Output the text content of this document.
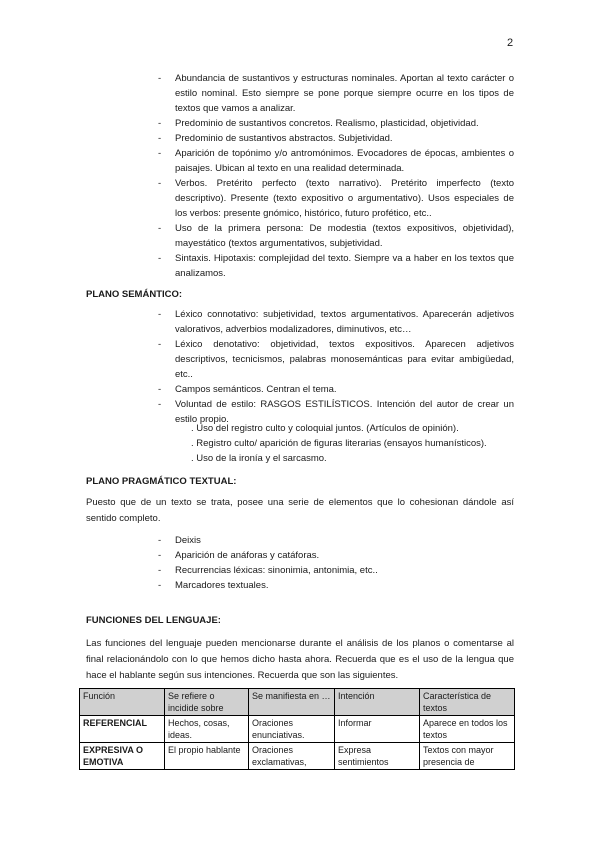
2
- Abundancia de sustantivos y estructuras nominales. Aportan al texto carácter o estilo nominal. Esto siempre se pone porque siempre ocurre en los tipos de textos que vamos a analizar.
- Predominio de sustantivos concretos. Realismo, plasticidad, objetividad.
- Predominio de sustantivos abstractos. Subjetividad.
- Aparición de topónimo y/o antromónimos. Evocadores de épocas, ambientes o paisajes. Ubican al texto en una realidad determinada.
- Verbos. Pretérito perfecto (texto narrativo). Pretérito imperfecto (texto descriptivo). Presente (texto expositivo o argumentativo). Usos especiales de los verbos: presente gnómico, histórico, futuro profético, etc..
- Uso de la primera persona: De modestia (textos expositivos, objetividad), mayestático (textos argumentativos, subjetividad.
- Sintaxis. Hipotaxis: complejidad del texto. Siempre va a haber en los textos que analizamos.
PLANO SEMÁNTICO:
- Léxico connotativo: subjetividad, textos argumentativos. Aparecerán adjetivos valorativos, adverbios modalizadores, diminutivos, etc…
- Léxico denotativo: objetividad, textos expositivos. Aparecen adjetivos descriptivos, tecnicismos, palabras monosemánticas para evitar ambigüedad, etc..
- Campos semánticos. Centran el tema.
- Voluntad de estilo: RASGOS ESTILÍSTICOS. Intención del autor de crear un estilo propio.
. Uso del registro culto y coloquial juntos. (Artículos de opinión).
. Registro culto/ aparición de figuras literarias (ensayos humanísticos).
. Uso de la ironía y el sarcasmo.
PLANO PRAGMÁTICO TEXTUAL:
Puesto que de un texto se trata, posee una serie de elementos que lo cohesionan dándole así sentido completo.
- Deixis
- Aparición de anáforas y catáforas.
- Recurrencias léxicas: sinonimia, antonimia, etc..
- Marcadores textuales.
FUNCIONES DEL LENGUAJE:
Las funciones del lenguaje pueden mencionarse durante el análisis de los planos o comentarse al final relacionándolo con lo que hemos dicho hasta ahora. Recuerda que es el uso de la lengua que hace el hablante según sus intenciones. Recuerda que son las siguientes.
Función	Se refiere o incidide sobre	Se manifiesta en …	Intención	Característica de textos
REFERENCIAL	Hechos, cosas, ideas.	Oraciones enunciativas.	Informar	Aparece en todos los textos
EXPRESIVA O EMOTIVA	El propio hablante	Oraciones exclamativas,	Expresa sentimientos	Textos con mayor presencia de
